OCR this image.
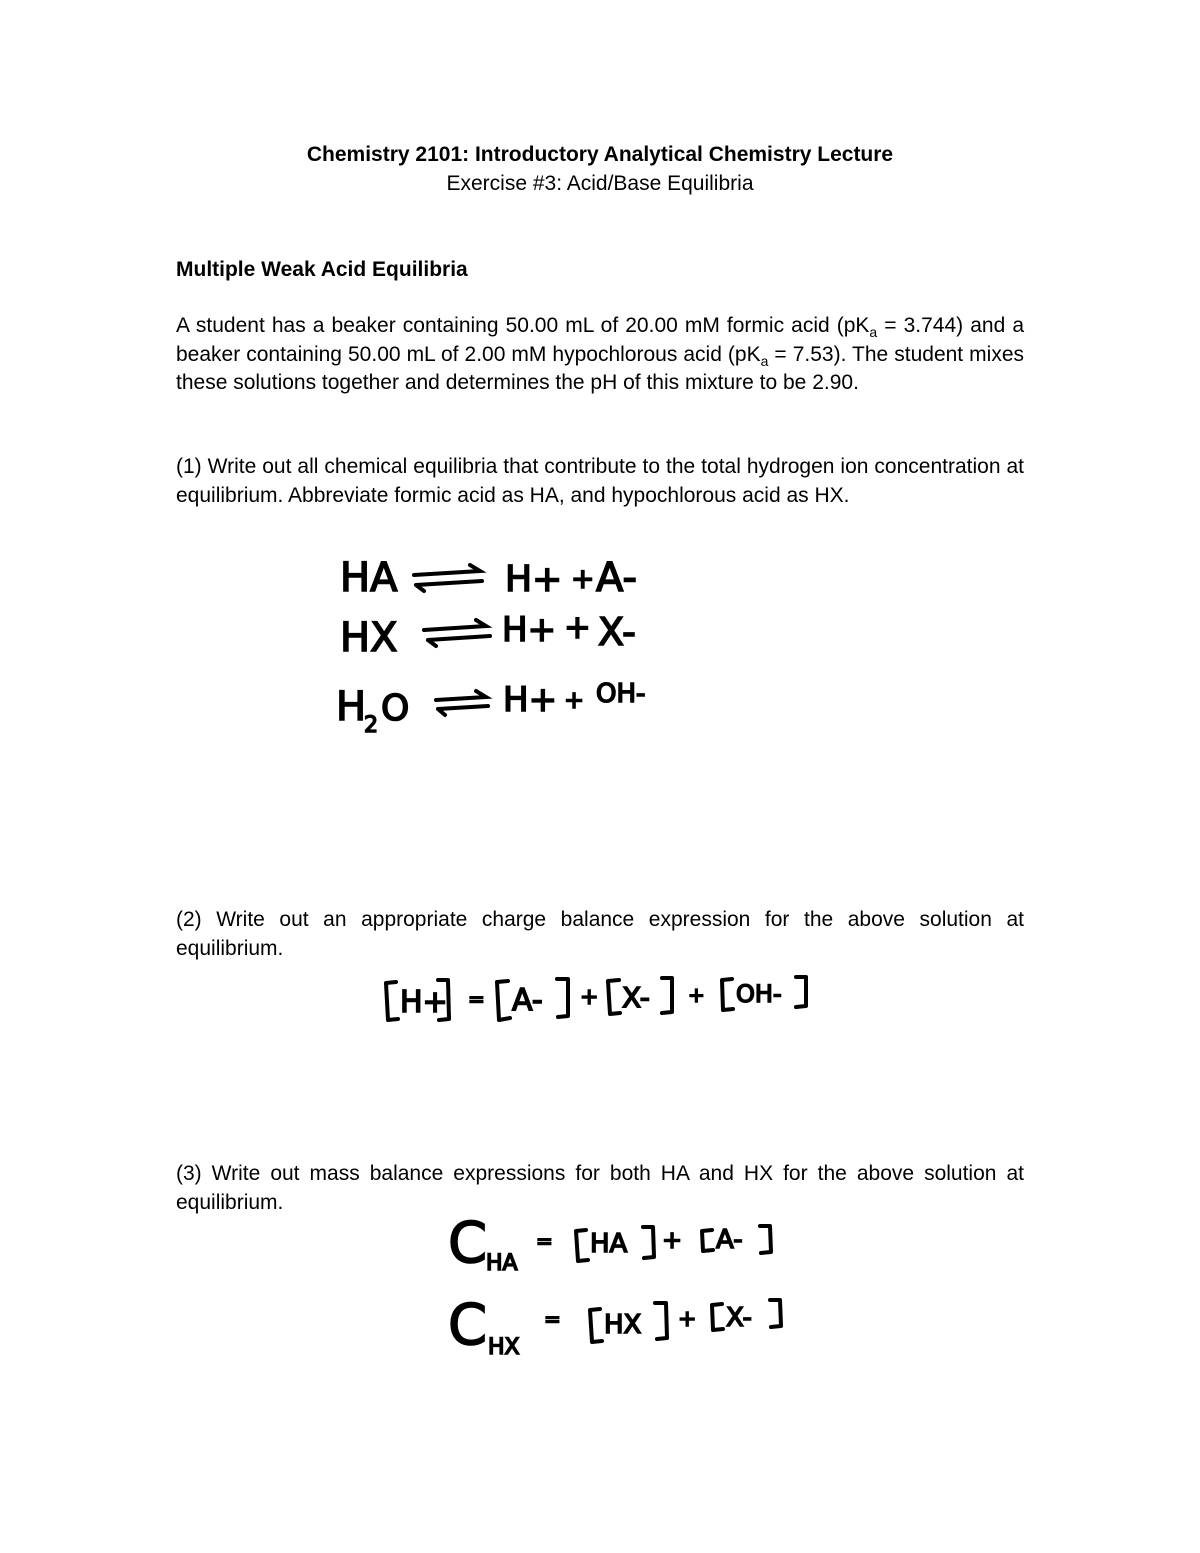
Chemistry 2101: Introductory Analytical Chemistry Lecture
Exercise #3: Acid/Base Equilibria
Multiple Weak Acid Equilibria
A student has a beaker containing 50.00 mL of 20.00 mM formic acid $(pK_a = 3.744)$ and a beaker containing 50.00 mL of 2.00 mM hypochlorous acid $(pK_a = 7.53)$. The student mixes these solutions together and determines the pH of this mixture to be 2.90.
(1) Write out all chemical equilibria that contribute to the total hydrogen ion concentration at equilibrium. Abbreviate formic acid as HA, and hypochlorous acid as HX.
(2) Write out an appropriate charge balance expression for the above solution at equilibrium.
(3) Write out mass balance expressions for both HA and HX for the above solution at equilibrium.
HA	H+ + A-
HX	H+ + X-
H
2 O	H+ + OH-
H+ = A- + X- + OH-
C
HA
= HA + A-
C HX
= HX + X-
